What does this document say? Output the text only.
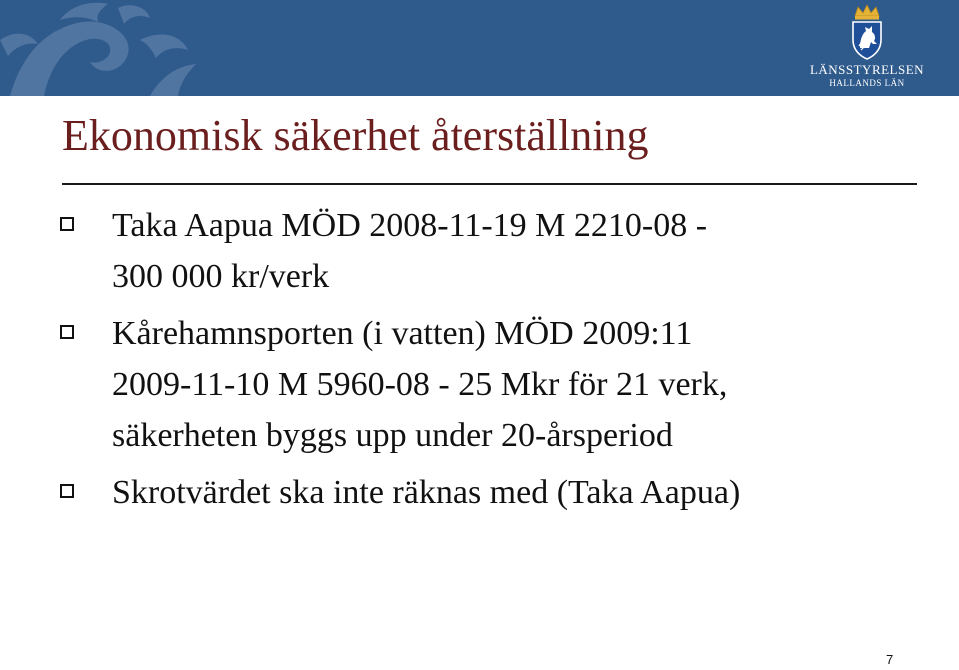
LÄNSSTYRELSEN
HALLANDS LÄN
Ekonomisk säkerhet återställning
Taka Aapua MÖD 2008-11-19 M 2210-08 -
300 000 kr/verk
Kårehamnsporten (i vatten) MÖD 2009:11
2009-11-10 M 5960-08 - 25 Mkr för 21 verk,
säkerheten byggs upp under 20-årsperiod
Skrotvärdet ska inte räknas med (Taka Aapua)
7
